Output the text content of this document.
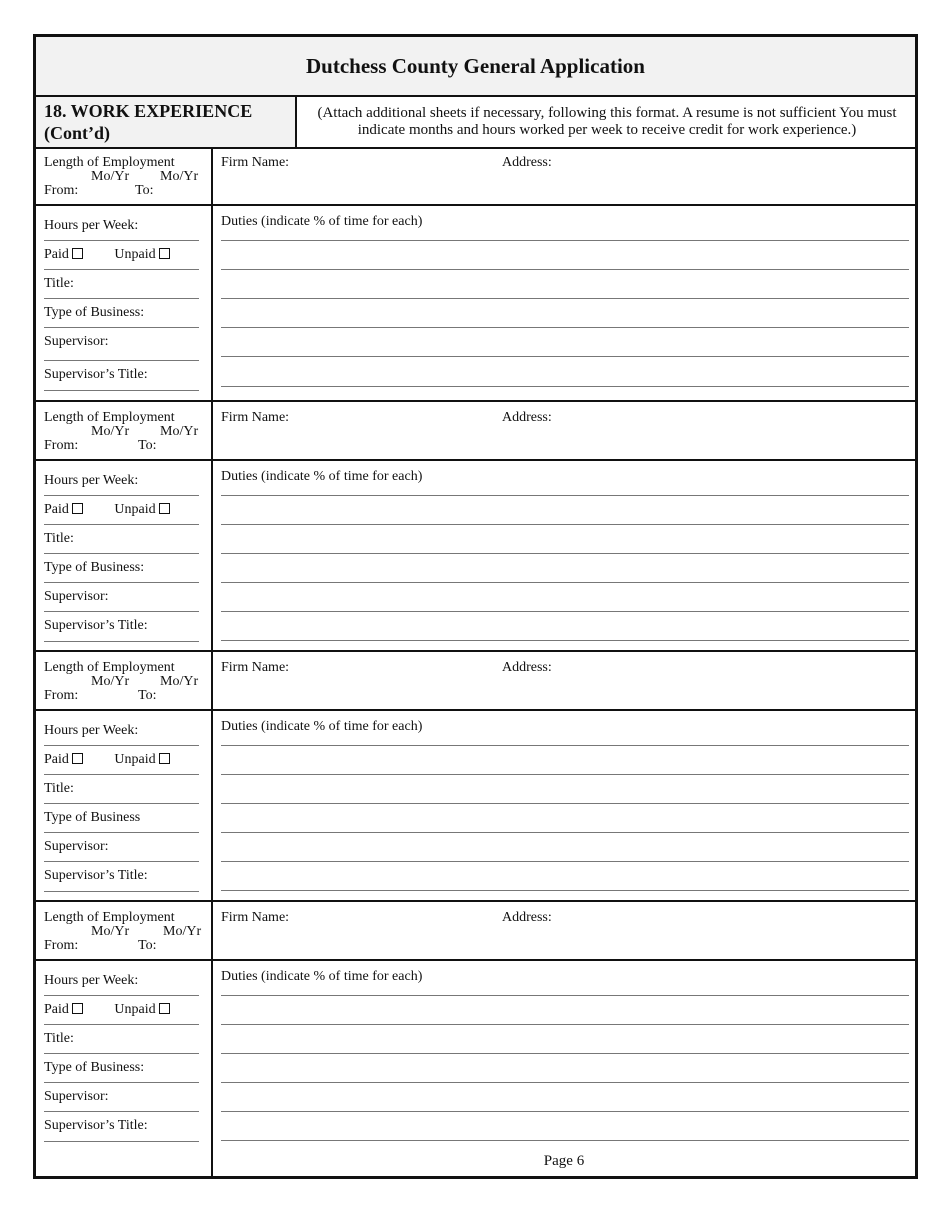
Dutchess County General Application
18. WORK EXPERIENCE
(Cont’d)
(Attach additional sheets if necessary, following this format. A resume is not sufficient You must indicate months and hours worked per week to receive credit for work experience.)
Length of Employment
Mo/Yr Mo/Yr
From:	To:
Firm Name:	Address:
Hours per Week:
Paid	Unpaid
Title:
Type of Business:
Supervisor:
Supervisor’s Title:
Duties (indicate % of time for each)
Length of Employment
Mo/Yr Mo/Yr
From:	To:
Firm Name:	Address:
Hours per Week:
Paid	Unpaid
Title:
Type of Business:
Supervisor:
Supervisor’s Title:
Duties (indicate % of time for each)
Length of Employment
Mo/Yr Mo/Yr
From:	To:
Firm Name:	Address:
Hours per Week:
Paid	Unpaid
Title:
Type of Business
Supervisor:
Supervisor’s Title:
Duties (indicate % of time for each)
Length of Employment
Mo/Yr Mo/Yr
From:	To:
Firm Name:	Address:
Hours per Week:
Paid	Unpaid
Title:
Type of Business:
Supervisor:
Supervisor’s Title:
Duties (indicate % of time for each)
Page 6
